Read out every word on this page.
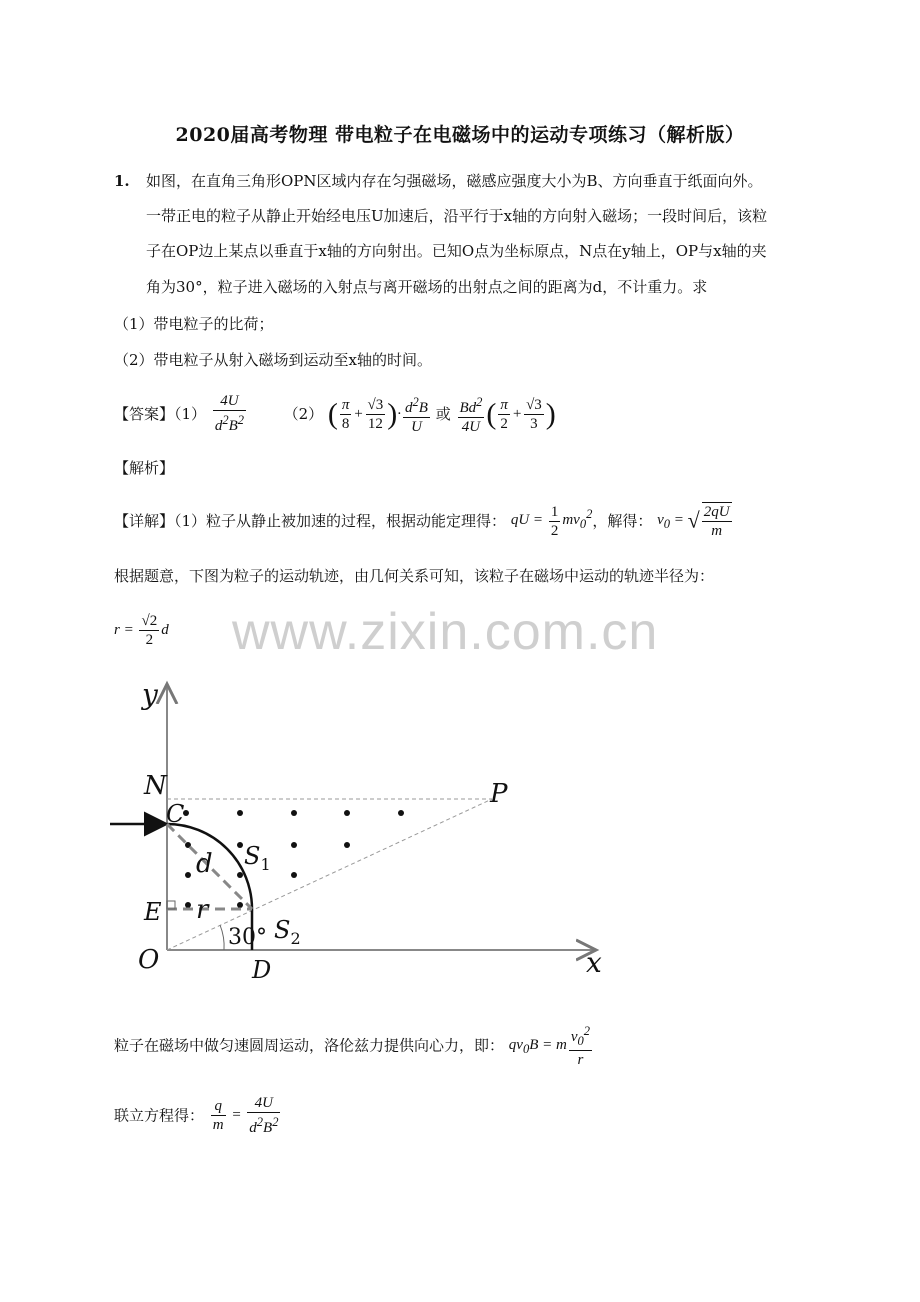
2020届高考物理 带电粒子在电磁场中的运动专项练习（解析版）
www.zixin.com.cn
1. 如图，在直角三角形OPN区域内存在匀强磁场，磁感应强度大小为B、方向垂直于纸面向外。
一带正电的粒子从静止开始经电压U加速后，沿平行于x轴的方向射入磁场；一段时间后，该粒
子在OP边上某点以垂直于x轴的方向射出。已知O点为坐标原点，N点在y轴上，OP与x轴的夹
角为30°，粒子进入磁场的入射点与离开磁场的出射点之间的距离为d，不计重力。求
（1）带电粒子的比荷；
（2）带电粒子从射入磁场到运动至x轴的时间。
【答案】$(1) \frac{4U}{d^2B^2}$	（2） ( $\frac{\pi}{8} + \frac{√3}{12}$ )· $\frac{d^2B}{U}$ 或 $\frac{Bd^2}{4U}$ ( $\frac{\pi}{2} + \frac{√3}{3}$ )
【解析】
【详解】（1）粒子从静止被加速的过程，根据动能定理得： qU = $\frac{1}{2} mv_0^2$，解得： $v_0$ = √ $\frac{2qU}{m}$
根据题意，下图为粒子的运动轨迹，由几何关系可知，该粒子在磁场中运动的轨迹半径为：
$r = \frac{√2}{2}$ d
y
N
C
P
d $S_1$
E r
30° $S_2$
O	D	x
粒子在磁场中做匀速圆周运动，洛伦兹力提供向心力，即： $qv_0B = m \frac{v_0^2}{r}$
联立方程得： $\frac{q}{m} = \frac{4U}{d^2B^2}$
